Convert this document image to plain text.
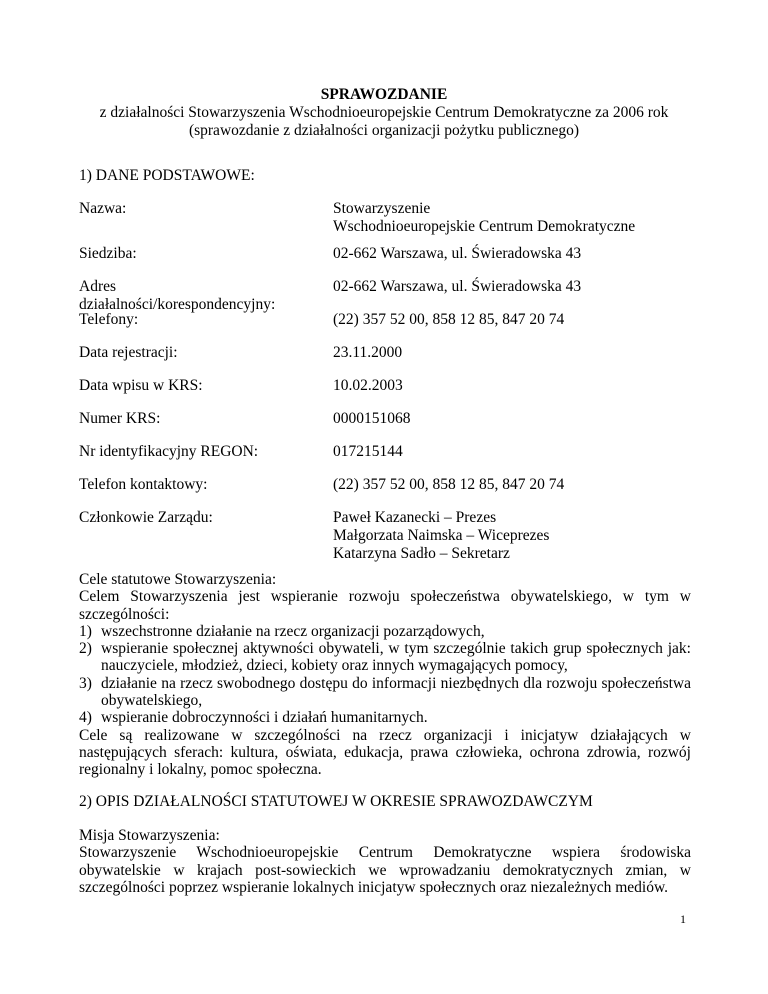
SPRAWOZDANIE
z działalności Stowarzyszenia Wschodnioeuropejskie Centrum Demokratyczne za 2006 rok
(sprawozdanie z działalności organizacji pożytku publicznego)
1) DANE PODSTAWOWE:
Nazwa:	Stowarzyszenie
Wschodnioeuropejskie Centrum Demokratyczne
Siedziba:	02-662 Warszawa, ul. Świeradowska 43
Adres działalności/korespondencyjny:
02-662 Warszawa, ul. Świeradowska 43
Telefony:	(22) 357 52 00, 858 12 85, 847 20 74
Data rejestracji:	23.11.2000
Data wpisu w KRS:	10.02.2003
Numer KRS:	0000151068
Nr identyfikacyjny REGON:	017215144
Telefon kontaktowy:	(22) 357 52 00, 858 12 85, 847 20 74
Członkowie Zarządu:	Paweł Kazanecki – Prezes
Małgorzata Naimska – Wiceprezes
Katarzyna Sadło – Sekretarz

Cele statutowe Stowarzyszenia:

Celem Stowarzyszenia jest wspieranie rozwoju społeczeństwa obywatelskiego, w tym w szczególności:

1) wszechstronne działanie na rzecz organizacji pozarządowych,
2) wspieranie społecznej aktywności obywateli, w tym szczególnie takich grup społecznych jak: nauczyciele, młodzież, dzieci, kobiety oraz innych wymagających pomocy,
3) działanie na rzecz swobodnego dostępu do informacji niezbędnych dla rozwoju społeczeństwa obywatelskiego,
4) wspieranie dobroczynności i działań humanitarnych.

Cele są realizowane w szczególności na rzecz organizacji i inicjatyw działających w następujących sferach: kultura, oświata, edukacja, prawa człowieka, ochrona zdrowia, rozwój regionalny i lokalny, pomoc społeczna.

2) OPIS DZIAŁALNOŚCI STATUTOWEJ W OKRESIE SPRAWOZDAWCZYM

Misja Stowarzyszenia:

Stowarzyszenie Wschodnioeuropejskie Centrum Demokratyczne wspiera środowiska obywatelskie w krajach post-sowieckich we wprowadzaniu demokratycznych zmian, w szczególności poprzez wspieranie lokalnych inicjatyw społecznych oraz niezależnych mediów.

1
